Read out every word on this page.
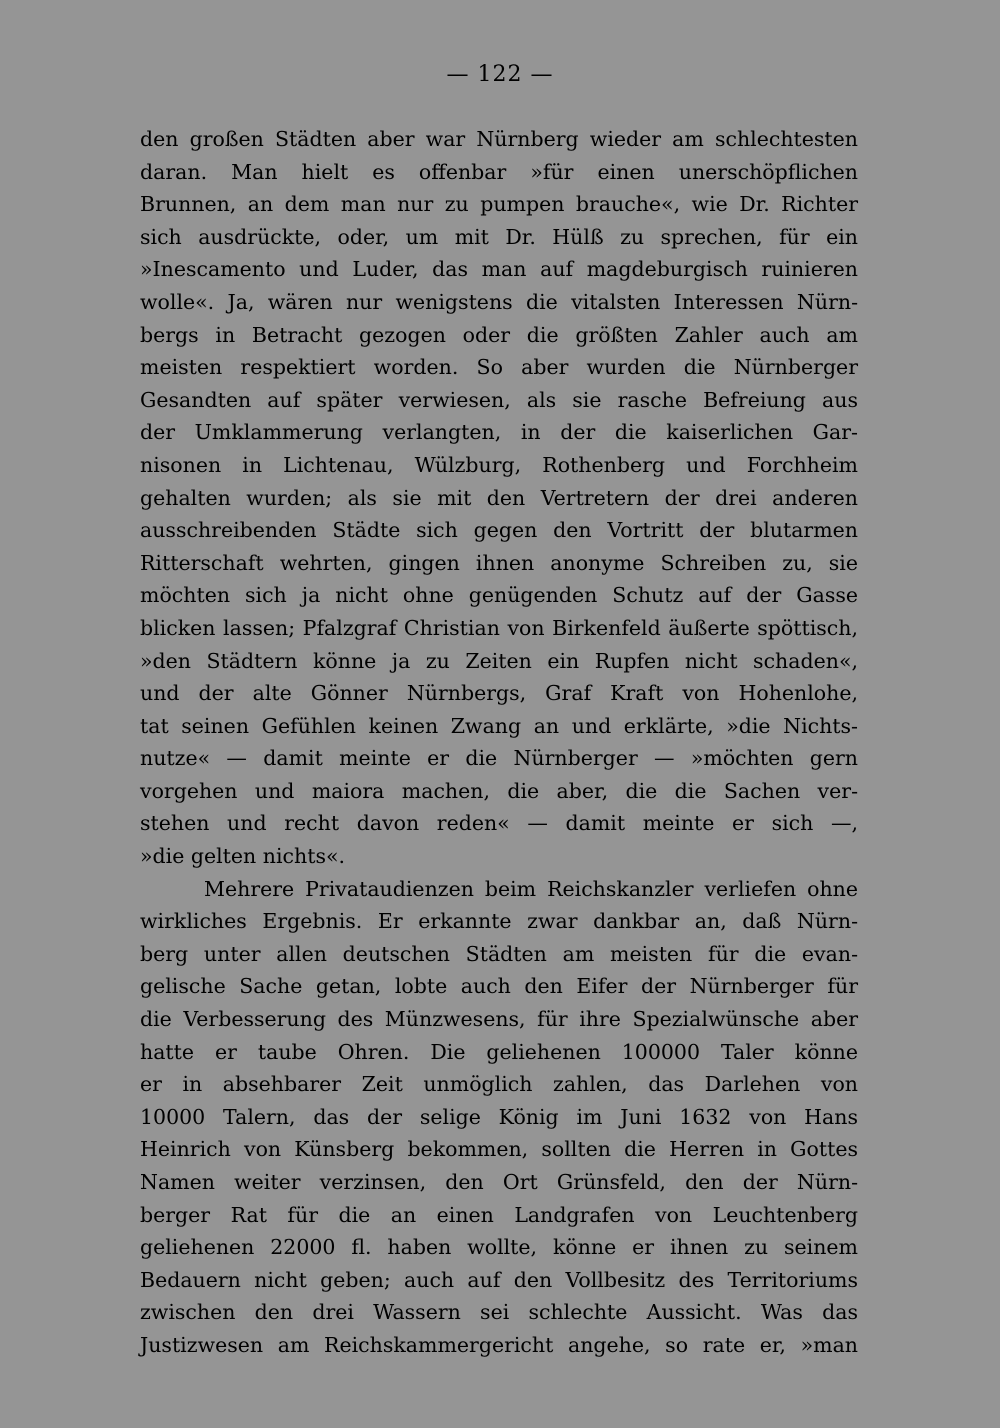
— 122 —
den großen Städten aber war Nürnberg wieder am schlechtesten
daran. Man hielt es offenbar »für einen unerschöpflichen
Brunnen, an dem man nur zu pumpen brauche«, wie Dr. Richter
sich ausdrückte, oder, um mit Dr. Hülß zu sprechen, für ein
»Inescamento und Luder, das man auf magdeburgisch ruinieren
wolle«. Ja, wären nur wenigstens die vitalsten Interessen Nürn-
bergs in Betracht gezogen oder die größten Zahler auch am
meisten respektiert worden. So aber wurden die Nürnberger
Gesandten auf später verwiesen, als sie rasche Befreiung aus
der Umklammerung verlangten, in der die kaiserlichen Gar-
nisonen in Lichtenau, Wülzburg, Rothenberg und Forchheim
gehalten wurden; als sie mit den Vertretern der drei anderen
ausschreibenden Städte sich gegen den Vortritt der blutarmen
Ritterschaft wehrten, gingen ihnen anonyme Schreiben zu, sie
möchten sich ja nicht ohne genügenden Schutz auf der Gasse
blicken lassen; Pfalzgraf Christian von Birkenfeld äußerte spöttisch,
»den Städtern könne ja zu Zeiten ein Rupfen nicht schaden«,
und der alte Gönner Nürnbergs, Graf Kraft von Hohenlohe,
tat seinen Gefühlen keinen Zwang an und erklärte, »die Nichts-
nutze« — damit meinte er die Nürnberger — »möchten gern
vorgehen und maiora machen, die aber, die die Sachen ver-
stehen und recht davon reden« — damit meinte er sich —,
»die gelten nichts«.
Mehrere Privataudienzen beim Reichskanzler verliefen ohne
wirkliches Ergebnis. Er erkannte zwar dankbar an, daß Nürn-
berg unter allen deutschen Städten am meisten für die evan-
gelische Sache getan, lobte auch den Eifer der Nürnberger für
die Verbesserung des Münzwesens, für ihre Spezialwünsche aber
hatte er taube Ohren. Die geliehenen 100000 Taler könne
er in absehbarer Zeit unmöglich zahlen, das Darlehen von
10000 Talern, das der selige König im Juni 1632 von Hans
Heinrich von Künsberg bekommen, sollten die Herren in Gottes
Namen weiter verzinsen, den Ort Grünsfeld, den der Nürn-
berger Rat für die an einen Landgrafen von Leuchtenberg
geliehenen 22000 fl. haben wollte, könne er ihnen zu seinem
Bedauern nicht geben; auch auf den Vollbesitz des Territoriums
zwischen den drei Wassern sei schlechte Aussicht. Was das
Justizwesen am Reichskammergericht angehe, so rate er, »man
